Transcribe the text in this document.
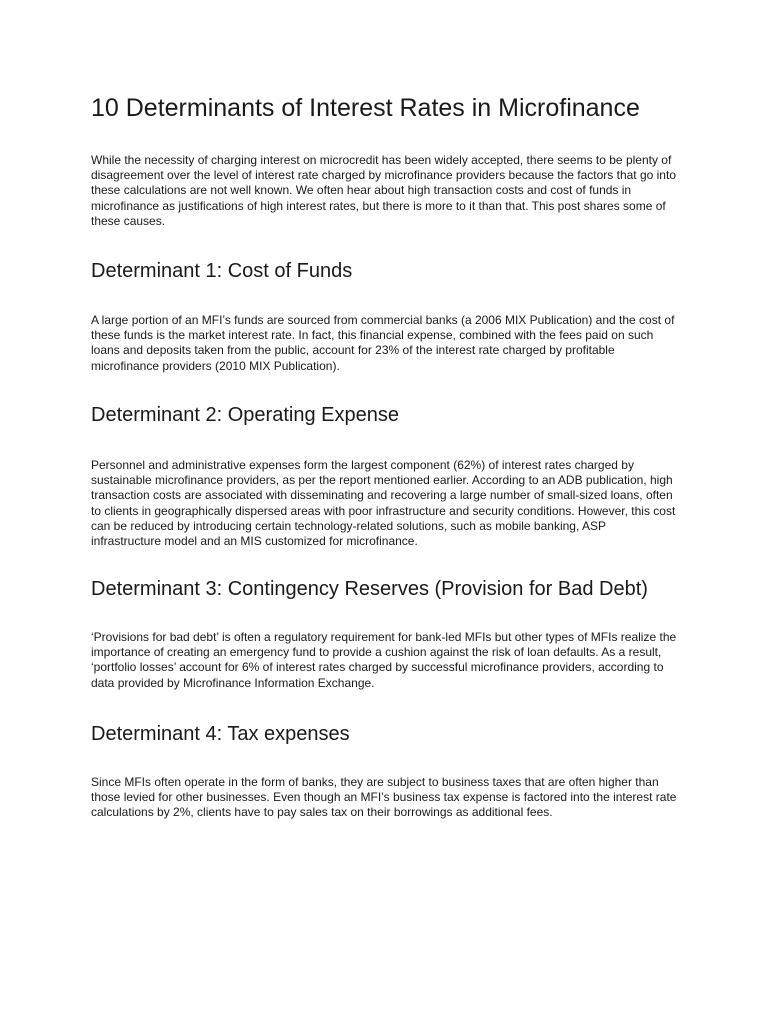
10 Determinants of Interest Rates in Microfinance

While the necessity of charging interest on microcredit has been widely accepted, there seems to be plenty of
disagreement over the level of interest rate charged by microfinance providers because the factors that go into
these calculations are not well known. We often hear about high transaction costs and cost of funds in
microfinance as justifications of high interest rates, but there is more to it than that. This post shares some of
these causes.

Determinant 1: Cost of Funds

A large portion of an MFI’s funds are sourced from commercial banks (a 2006 MIX Publication) and the cost of
these funds is the market interest rate. In fact, this financial expense, combined with the fees paid on such
loans and deposits taken from the public, account for 23% of the interest rate charged by profitable
microfinance providers (2010 MIX Publication).

Determinant 2: Operating Expense

Personnel and administrative expenses form the largest component (62%) of interest rates charged by
sustainable microfinance providers, as per the report mentioned earlier. According to an ADB publication, high
transaction costs are associated with disseminating and recovering a large number of small-sized loans, often
to clients in geographically dispersed areas with poor infrastructure and security conditions. However, this cost
can be reduced by introducing certain technology-related solutions, such as mobile banking, ASP
infrastructure model and an MIS customized for microfinance.

Determinant 3: Contingency Reserves (Provision for Bad Debt)

‘Provisions for bad debt’ is often a regulatory requirement for bank-led MFIs but other types of MFIs realize the
importance of creating an emergency fund to provide a cushion against the risk of loan defaults. As a result,
‘portfolio losses’ account for 6% of interest rates charged by successful microfinance providers, according to
data provided by Microfinance Information Exchange.

Determinant 4: Tax expenses

Since MFIs often operate in the form of banks, they are subject to business taxes that are often higher than
those levied for other businesses. Even though an MFI’s business tax expense is factored into the interest rate
calculations by 2%, clients have to pay sales tax on their borrowings as additional fees.
